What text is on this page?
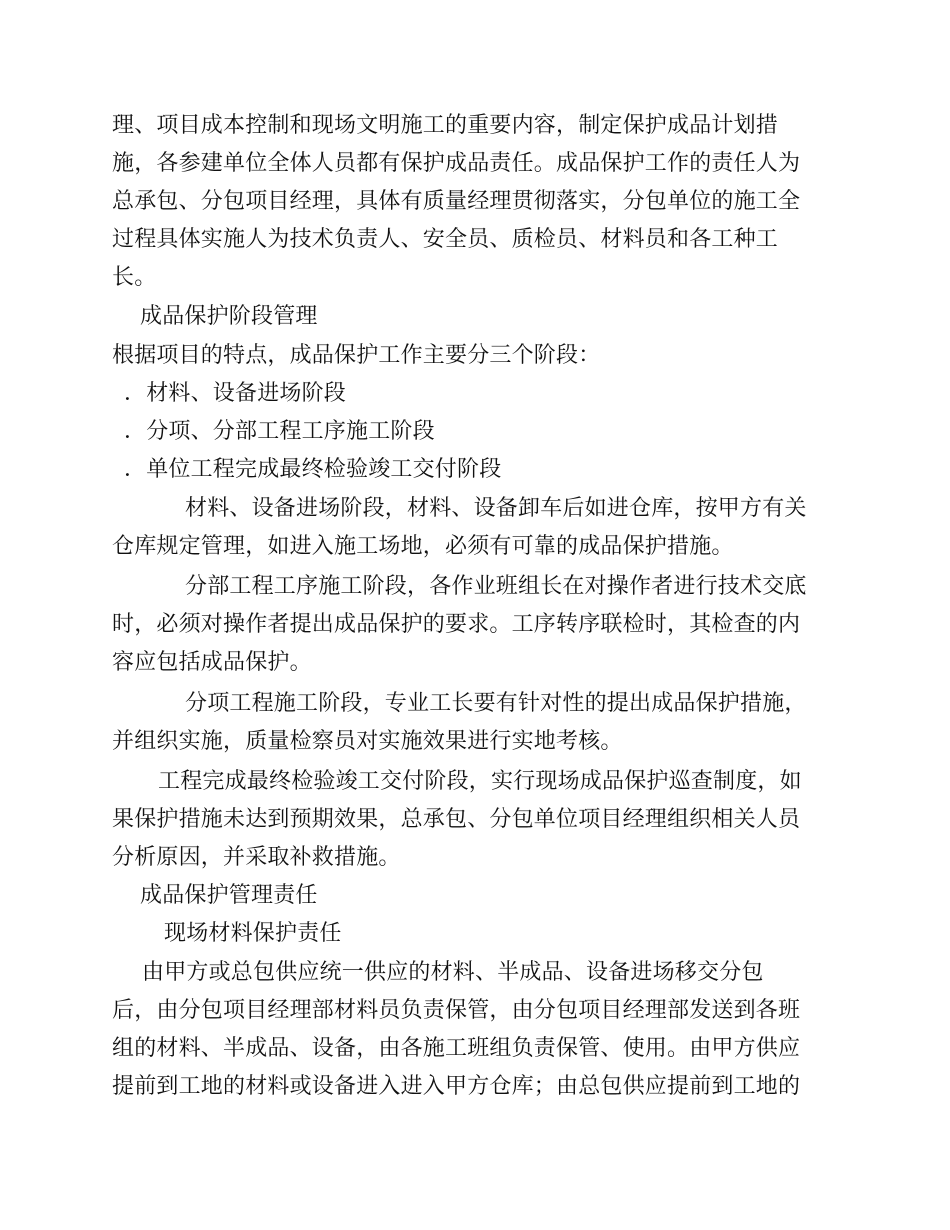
理、项目成本控制和现场文明施工的重要内容，制定保护成品计划措
施，各参建单位全体人员都有保护成品责任。成品保护工作的责任人为
总承包、分包项目经理，具体有质量经理贯彻落实，分包单位的施工全
过程具体实施人为技术负责人、安全员、质检员、材料员和各工种工
长。
成品保护阶段管理
根据项目的特点，成品保护工作主要分三个阶段：
．材料、设备进场阶段
．分项、分部工程工序施工阶段
．单位工程完成最终检验竣工交付阶段
材料、设备进场阶段，材料、设备卸车后如进仓库，按甲方有关
仓库规定管理，如进入施工场地，必须有可靠的成品保护措施。
分部工程工序施工阶段，各作业班组长在对操作者进行技术交底
时，必须对操作者提出成品保护的要求。工序转序联检时，其检查的内
容应包括成品保护。
分项工程施工阶段，专业工长要有针对性的提出成品保护措施，
并组织实施，质量检察员对实施效果进行实地考核。
工程完成最终检验竣工交付阶段，实行现场成品保护巡查制度，如
果保护措施未达到预期效果，总承包、分包单位项目经理组织相关人员
分析原因，并采取补救措施。
成品保护管理责任
现场材料保护责任
由甲方或总包供应统一供应的材料、半成品、设备进场移交分包
后，由分包项目经理部材料员负责保管，由分包项目经理部发送到各班
组的材料、半成品、设备，由各施工班组负责保管、使用。由甲方供应
提前到工地的材料或设备进入进入甲方仓库；由总包供应提前到工地的
